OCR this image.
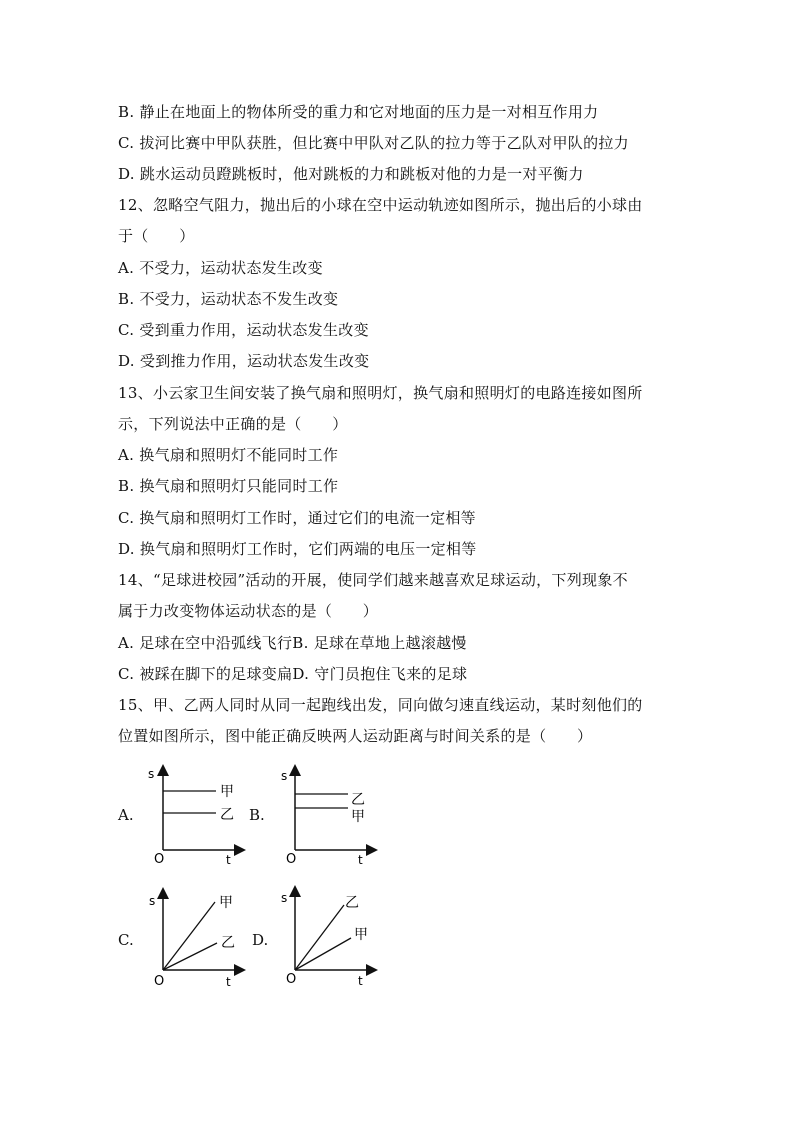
B. 静止在地面上的物体所受的重力和它对地面的压力是一对相互作用力
C. 拔河比赛中甲队获胜，但比赛中甲队对乙队的拉力等于乙队对甲队的拉力
D. 跳水运动员蹬跳板时，他对跳板的力和跳板对他的力是一对平衡力
12、忽略空气阻力，抛出后的小球在空中运动轨迹如图所示，抛出后的小球由
于（　　）
A. 不受力，运动状态发生改变
B. 不受力，运动状态不发生改变
C. 受到重力作用，运动状态发生改变
D. 受到推力作用，运动状态发生改变
13、小云家卫生间安装了换气扇和照明灯，换气扇和照明灯的电路连接如图所
示，下列说法中正确的是（　　）
A. 换气扇和照明灯不能同时工作
B. 换气扇和照明灯只能同时工作
C. 换气扇和照明灯工作时，通过它们的电流一定相等
D. 换气扇和照明灯工作时，它们两端的电压一定相等
14、“足球进校园”活动的开展，使同学们越来越喜欢足球运动，下列现象不
属于力改变物体运动状态的是（　　）
A. 足球在空中沿弧线飞行B. 足球在草地上越滚越慢
C. 被踩在脚下的足球变扁D. 守门员抱住飞来的足球
15、甲、乙两人同时从同一起跑线出发，同向做匀速直线运动，某时刻他们的
位置如图所示，图中能正确反映两人运动距离与时间关系的是（　　）
A.	B.
C.	D.
s
t
O
甲
乙
s
t
O
乙
甲
s
t
O
甲
乙
s
t
O
乙
甲
